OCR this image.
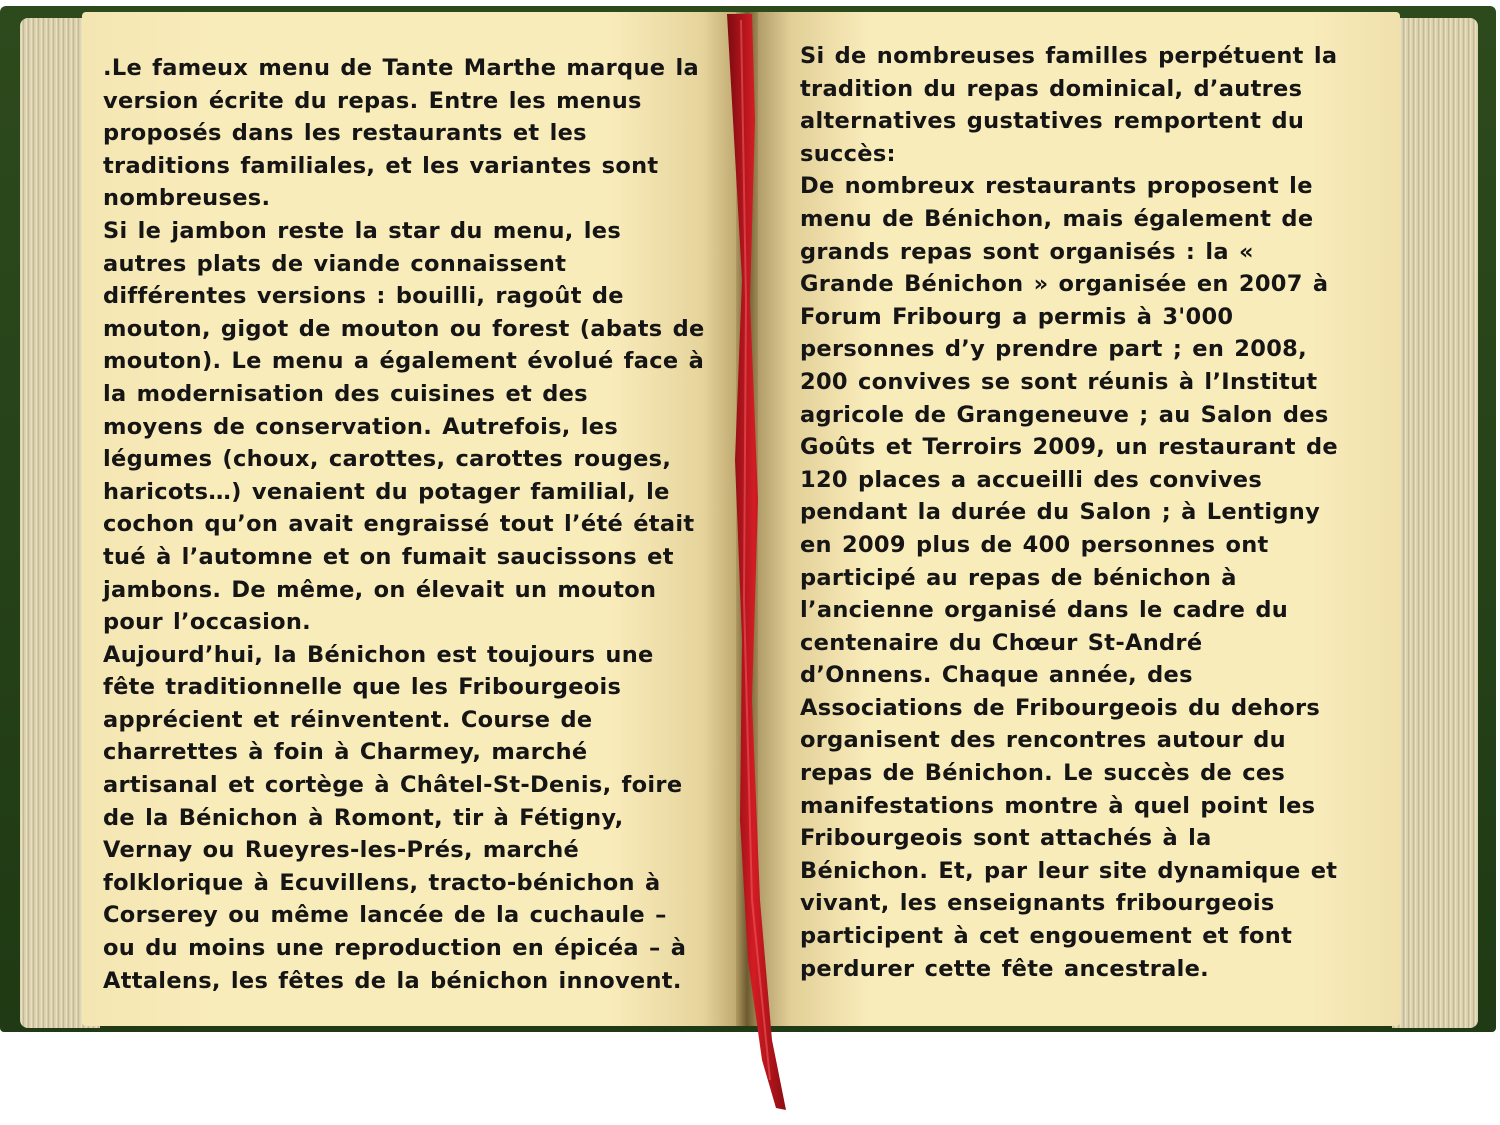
.Le fameux menu de Tante Marthe marque la
version écrite du repas. Entre les menus
proposés dans les restaurants et les
traditions familiales, et les variantes sont
nombreuses.
Si le jambon reste la star du menu, les
autres plats de viande connaissent
différentes versions : bouilli, ragoût de
mouton, gigot de mouton ou forest (abats de
mouton). Le menu a également évolué face à
la modernisation des cuisines et des
moyens de conservation. Autrefois, les
légumes (choux, carottes, carottes rouges,
haricots…) venaient du potager familial, le
cochon qu’on avait engraissé tout l’été était
tué à l’automne et on fumait saucissons et
jambons. De même, on élevait un mouton
pour l’occasion.
Aujourd’hui, la Bénichon est toujours une
fête traditionnelle que les Fribourgeois
apprécient et réinventent. Course de
charrettes à foin à Charmey, marché
artisanal et cortège à Châtel-St-Denis, foire
de la Bénichon à Romont, tir à Fétigny,
Vernay ou Rueyres-les-Prés, marché
folklorique à Ecuvillens, tracto-bénichon à
Corserey ou même lancée de la cuchaule –
ou du moins une reproduction en épicéa – à
Attalens, les fêtes de la bénichon innovent.
Si de nombreuses familles perpétuent la
tradition du repas dominical, d’autres
alternatives gustatives remportent du
succès:
De nombreux restaurants proposent le
menu de Bénichon, mais également de
grands repas sont organisés : la «
Grande Bénichon » organisée en 2007 à
Forum Fribourg a permis à 3'000
personnes d’y prendre part ; en 2008,
200 convives se sont réunis à l’Institut
agricole de Grangeneuve ; au Salon des
Goûts et Terroirs 2009, un restaurant de
120 places a accueilli des convives
pendant la durée du Salon ; à Lentigny
en 2009 plus de 400 personnes ont
participé au repas de bénichon à
l’ancienne organisé dans le cadre du
centenaire du Chœur St-André
d’Onnens. Chaque année, des
Associations de Fribourgeois du dehors
organisent des rencontres autour du
repas de Bénichon. Le succès de ces
manifestations montre à quel point les
Fribourgeois sont attachés à la
Bénichon. Et, par leur site dynamique et
vivant, les enseignants fribourgeois
participent à cet engouement et font
perdurer cette fête ancestrale.
